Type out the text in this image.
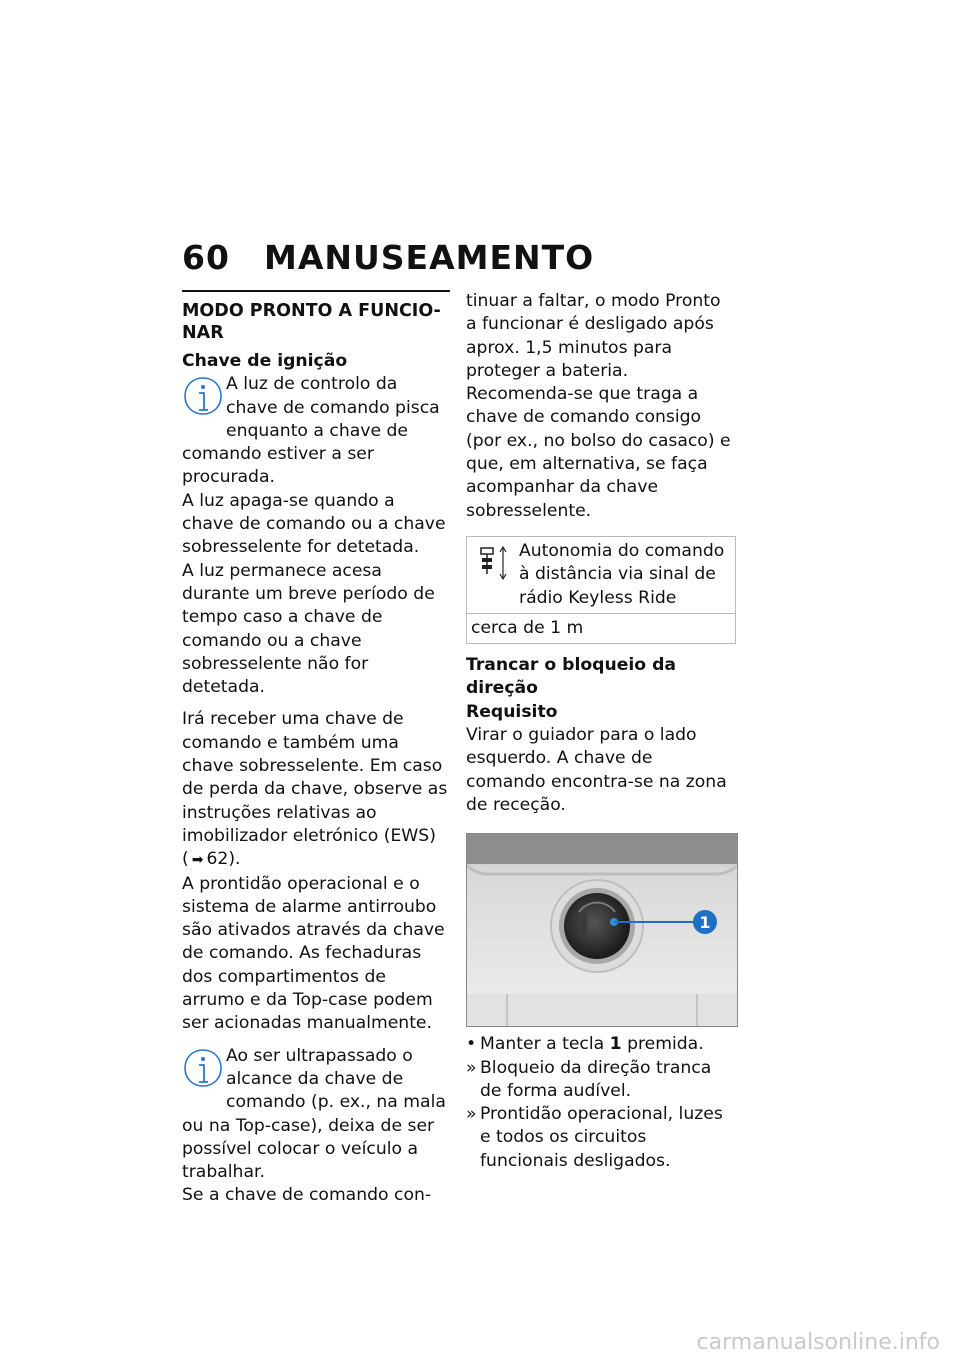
60	MANUSEAMENTO
MODO PRONTO A FUNCIO-NAR

Chave de ignição

A luz de controlo da chave de comando pisca enquanto a chave de comando estiver a ser procurada.

A luz apaga-se quando a chave de comando ou a chave sobresselente for detetada.

A luz permanece acesa durante um breve período de tempo caso a chave de comando ou a chave sobresselente não for detetada.

Irá receber uma chave de comando e também uma chave sobresselente. Em caso de perda da chave, observe as instruções relativas ao imobilizador eletrónico (EWS) ( ➡ 62).

A prontidão operacional e o sistema de alarme antirroubo são ativados através da chave de comando. As fechaduras dos compartimentos de arrumo e da Top-case podem ser acionadas manualmente.

Ao ser ultrapassado o alcance da chave de comando (p. ex., na mala ou na Top-case), deixa de ser possível colocar o veículo a trabalhar.

Se a chave de comando con-

tinuar a faltar, o modo Pronto a funcionar é desligado após aprox. 1,5 minutos para proteger a bateria.

Recomenda-se que traga a chave de comando consigo (por ex., no bolso do casaco) e que, em alternativa, se faça acompanhar da chave sobresselente.

Autonomia do comando à distância via sinal de rádio Keyless Ride
cerca de 1 m

Trancar o bloqueio da direção

Requisito

Virar o guiador para o lado esquerdo. A chave de comando encontra-se na zona de receção.

1
• Manter a tecla 1 premida.
» Bloqueio da direção tranca de forma audível.
» Prontidão operacional, luzes e todos os circuitos funcionais desligados.
carmanualsonline.info
